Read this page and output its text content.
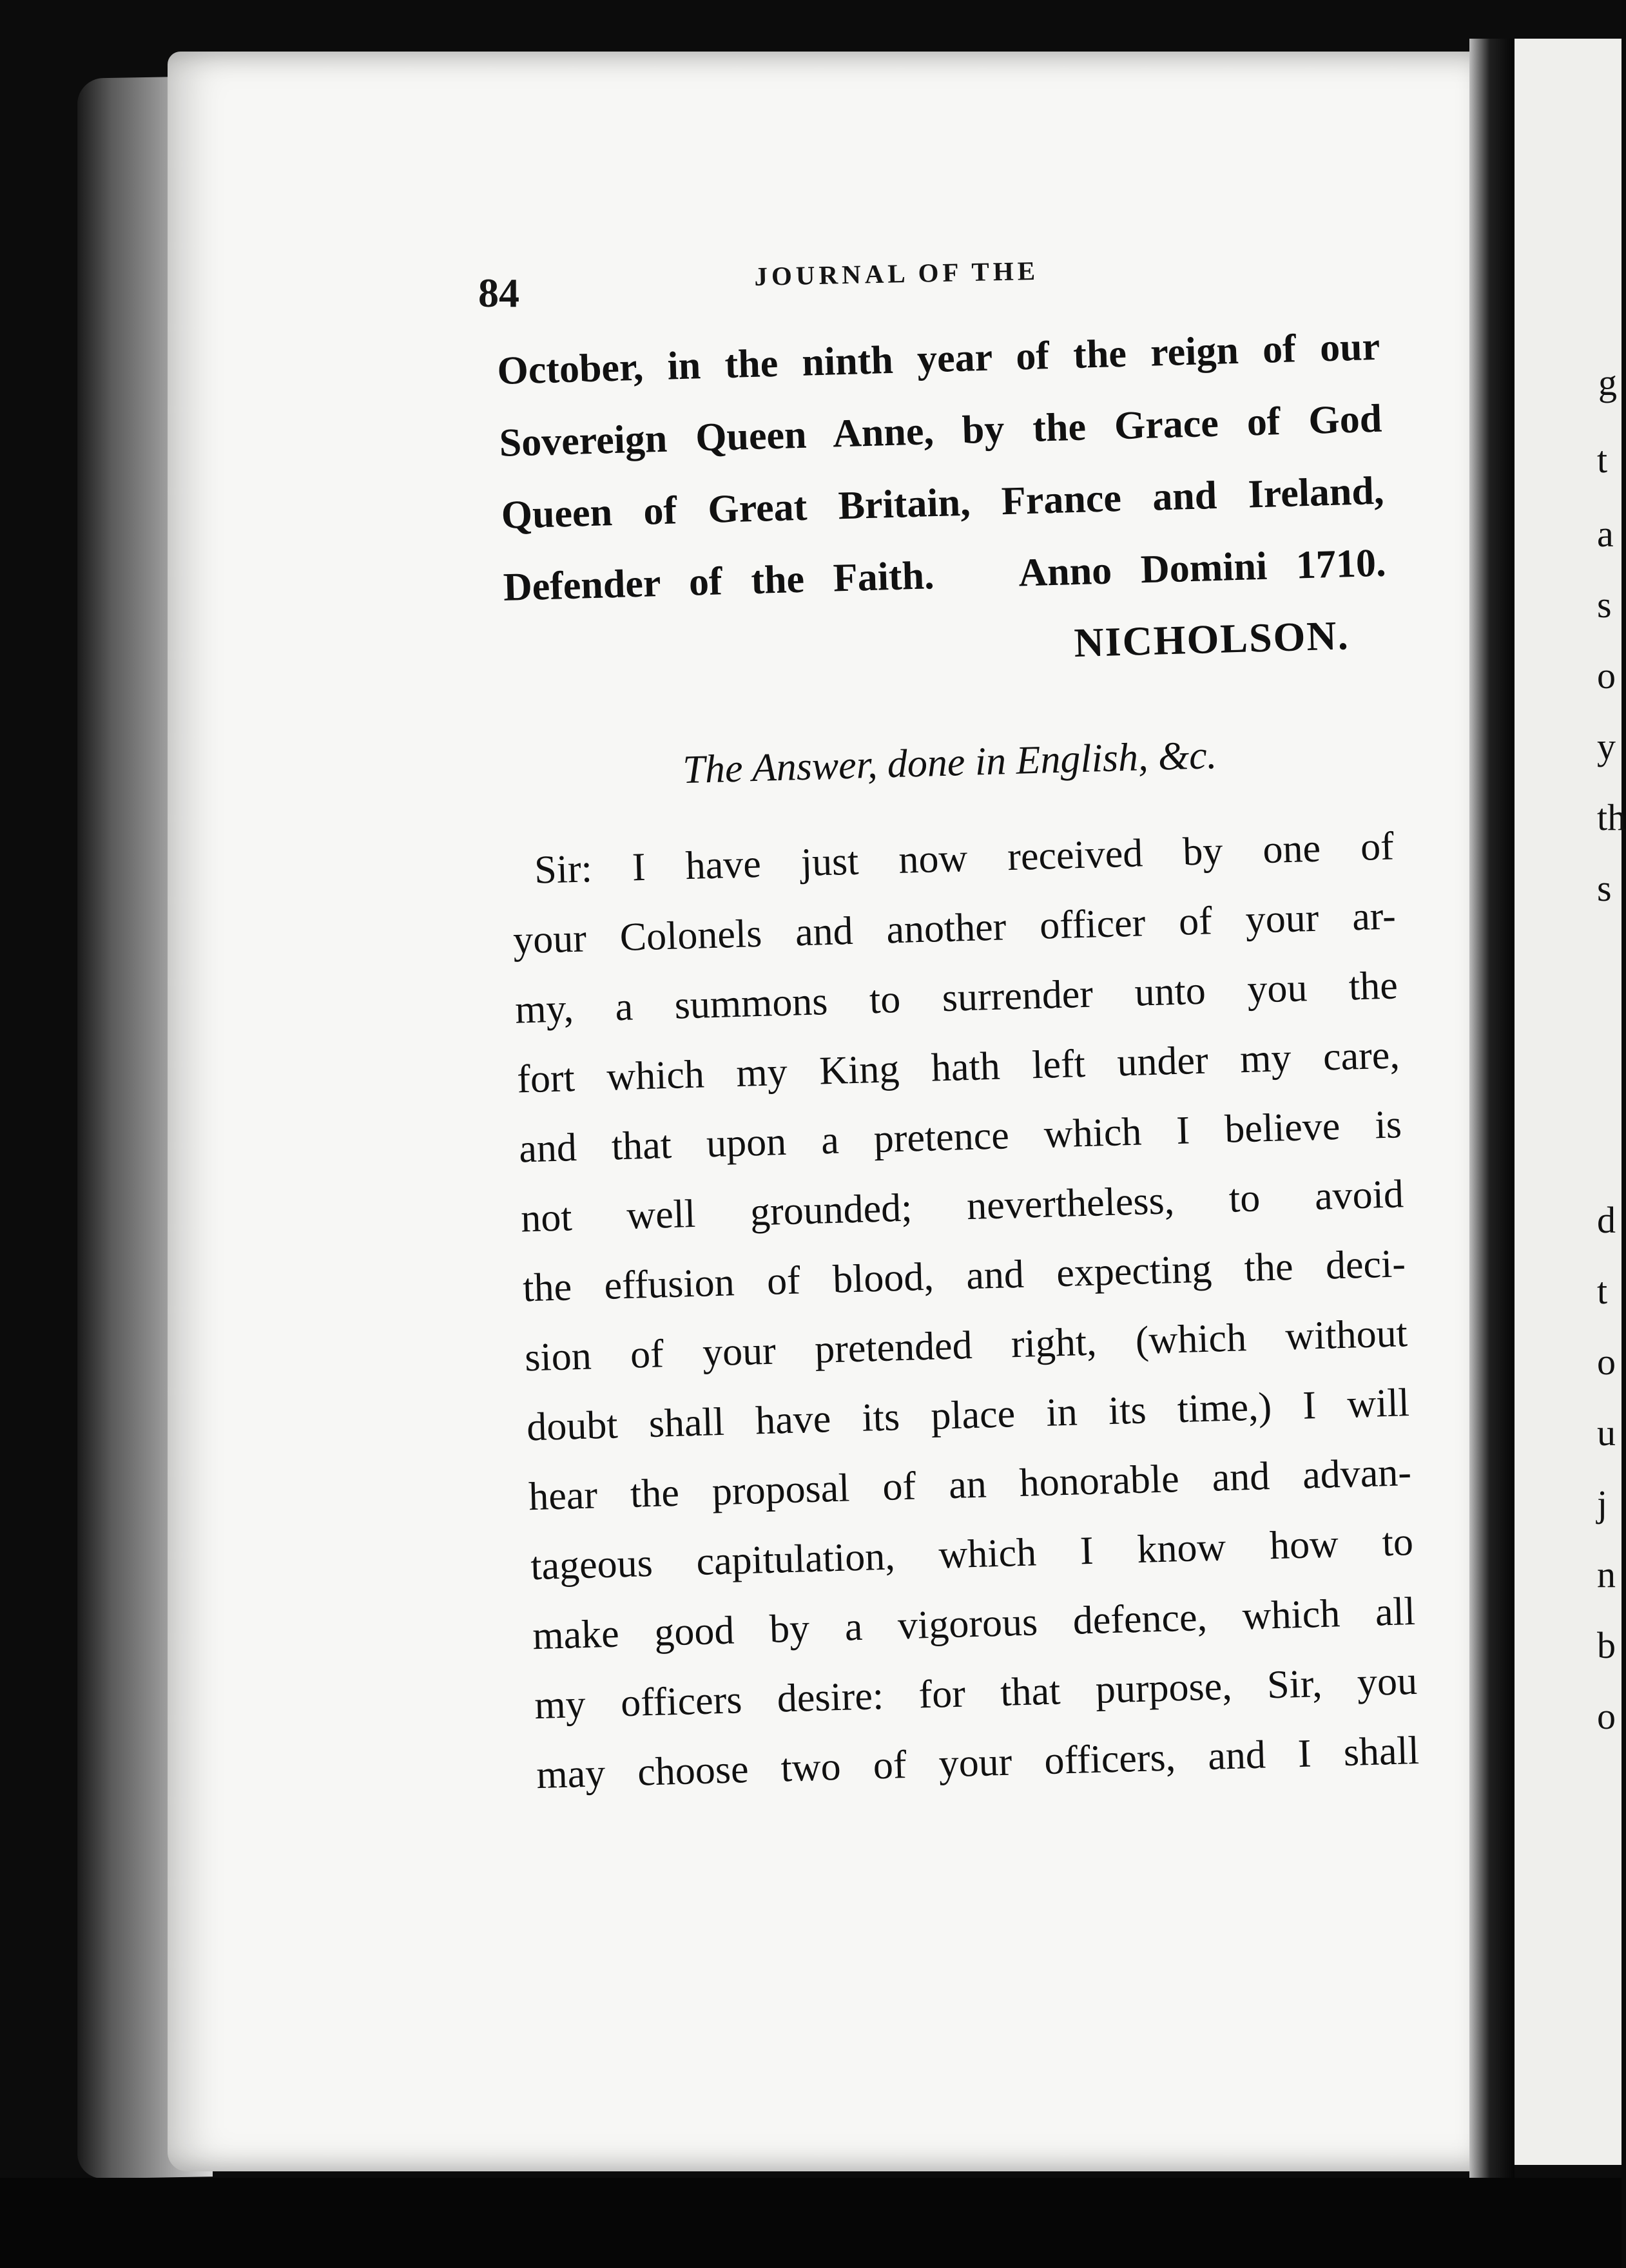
g
t
a
s
o
y
th
s
d
t
o
u
j
n
b
o
84	JOURNAL OF THE
October, in the ninth year of the reign of our
Sovereign Queen Anne, by the Grace of God
Queen of Great Britain, France and Ireland,
Defender of the Faith.   Anno Domini 1710.
NICHOLSON.
The Answer, done in English, &c.
Sir: I have just now received by one of
your Colonels and another officer of your ar-
my, a summons to surrender unto you the
fort which my King hath left under my care,
and that upon a pretence which I believe is
not well grounded; nevertheless, to avoid
the effusion of blood, and expecting the deci-
sion of your pretended right, (which without
doubt shall have its place in its time,) I will
hear the proposal of an honorable and advan-
tageous capitulation, which I know how to
make good by a vigorous defence, which all
my officers desire: for that purpose, Sir, you
may choose two of your officers, and I shall
